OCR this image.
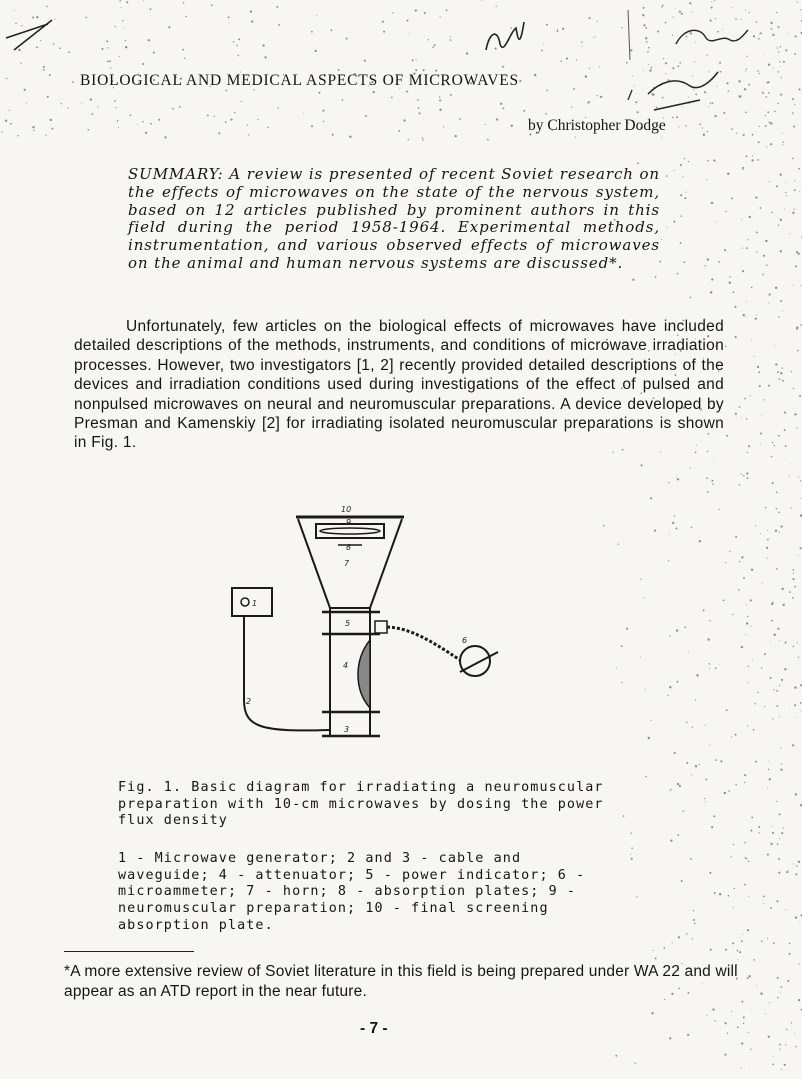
BIOLOGICAL AND MEDICAL ASPECTS OF MICROWAVES
by Christopher Dodge
SUMMARY: A review is presented of recent Soviet research on the effects of microwaves on the state of the nervous system, based on 12 articles published by prominent authors in this field during the period 1958-1964. Experimental methods, instrumentation, and various observed effects of microwaves on the animal and human nervous systems are discussed*.
Unfortunately, few articles on the biological effects of microwaves have included detailed descriptions of the methods, instruments, and conditions of microwave irradiation processes. However, two investigators [1, 2] recently provided detailed descriptions of the devices and irradiation conditions used during investigations of the effect of pulsed and nonpulsed microwaves on neural and neuromuscular preparations. A device developed by Presman and Kamenskiy [2] for irradiating isolated neuromuscular preparations is shown in Fig. 1.
10
9
8
7
1
5
6
4
2
3
Fig. 1. Basic diagram for irradiating a neuromuscular preparation with 10-cm microwaves by dosing the power flux density
1 - Microwave generator; 2 and 3 - cable and waveguide; 4 - attenuator; 5 - power indicator; 6 - microammeter; 7 - horn; 8 - absorption plates; 9 - neuromuscular preparation; 10 - final screening absorption plate.
*A more extensive review of Soviet literature in this field is being prepared under WA 22 and will appear as an ATD report in the near future.
- 7 -
